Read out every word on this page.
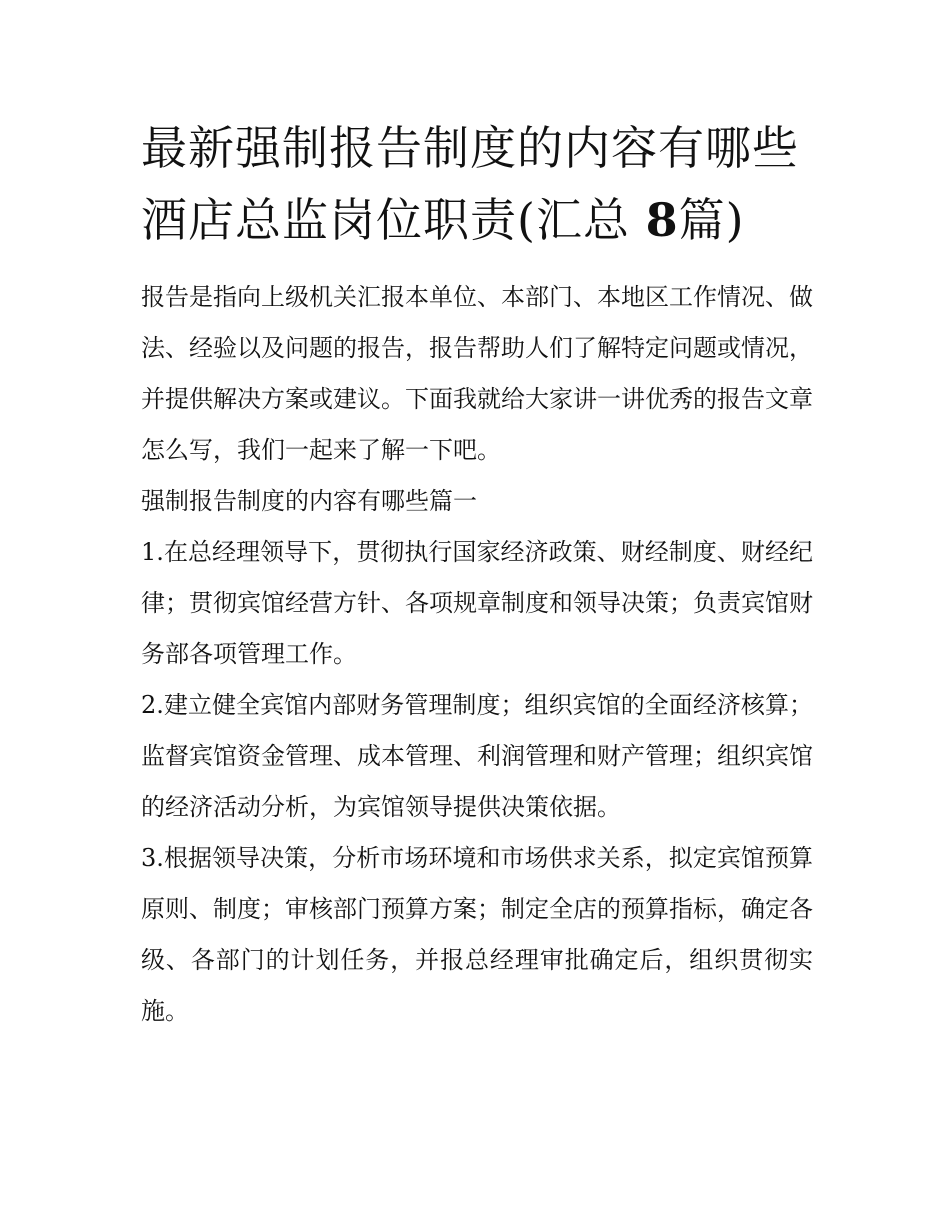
最新强制报告制度的内容有哪些 酒店总监岗位职责(汇总 8篇)

报告是指向上级机关汇报本单位、本部门、本地区工作情况、做法、经验以及问题的报告，报告帮助人们了解特定问题或情况，并提供解决方案或建议。下面我就给大家讲一讲优秀的报告文章怎么写，我们一起来了解一下吧。

强制报告制度的内容有哪些篇一

1.在总经理领导下，贯彻执行国家经济政策、财经制度、财经纪律；贯彻宾馆经营方针、各项规章制度和领导决策；负责宾馆财务部各项管理工作。

2.建立健全宾馆内部财务管理制度；组织宾馆的全面经济核算；监督宾馆资金管理、成本管理、利润管理和财产管理；组织宾馆的经济活动分析，为宾馆领导提供决策依据。

3.根据领导决策，分析市场环境和市场供求关系，拟定宾馆预算原则、制度；审核部门预算方案；制定全店的预算指标，确定各级、各部门的计划任务，并报总经理审批确定后，组织贯彻实施。
